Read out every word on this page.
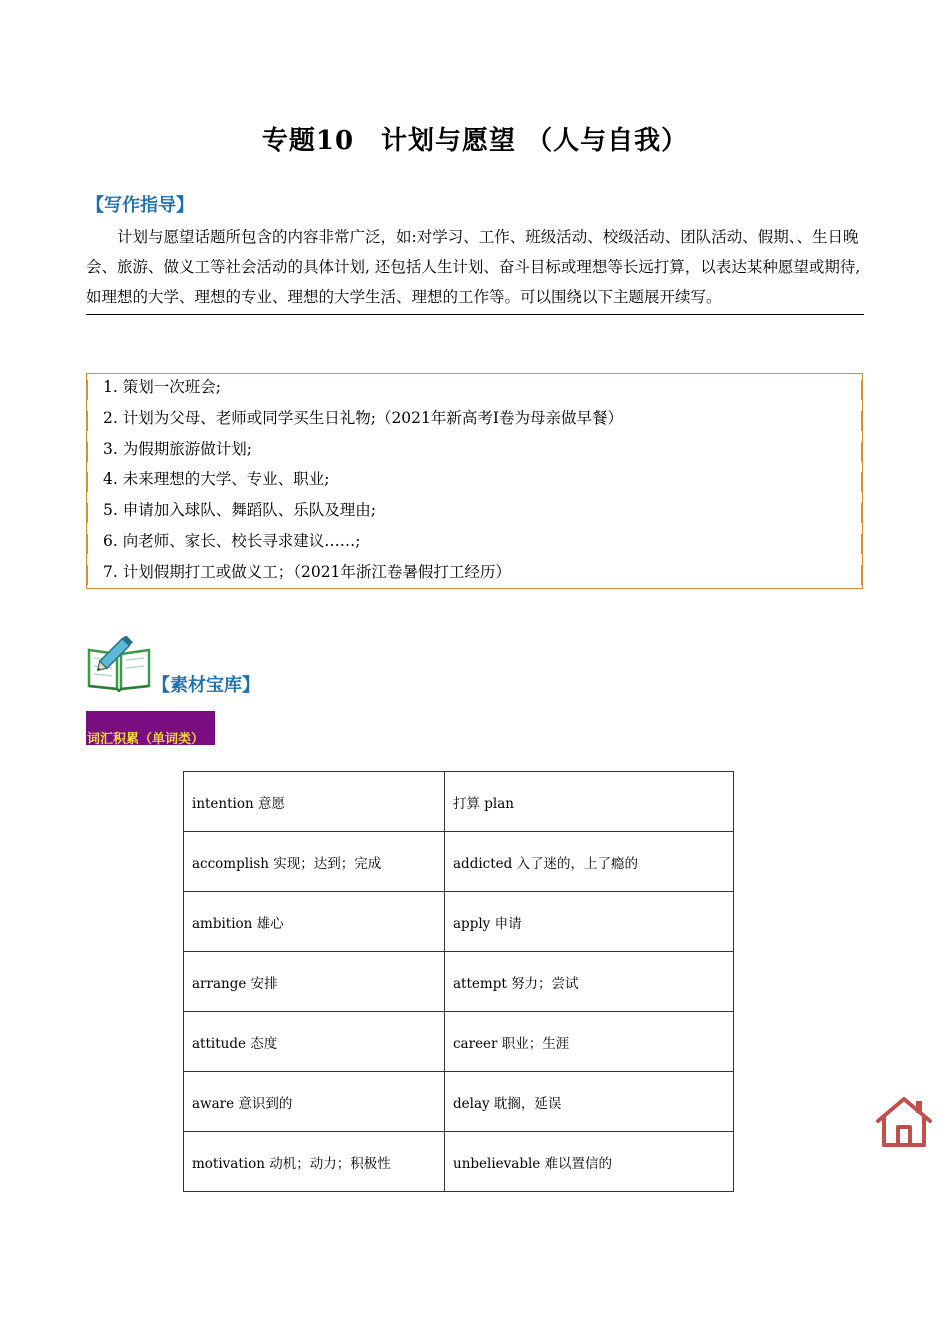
专题10　计划与愿望 （人与自我）
【写作指导】
计划与愿望话题所包含的内容非常广泛，如:对学习、工作、班级活动、校级活动、团队活动、假期、、生日晚会、旅游、做义工等社会活动的具体计划, 还包括人生计划、奋斗目标或理想等长远打算，以表达某种愿望或期待, 如理想的大学、理想的专业、理想的大学生活、理想的工作等。可以围绕以下主题展开续写。
1. 策划一次班会;
2. 计划为父母、老师或同学买生日礼物;（2021年新高考I卷为母亲做早餐）
3. 为假期旅游做计划;
4. 未来理想的大学、专业、职业;
5. 申请加入球队、舞蹈队、乐队及理由;
6. 向老师、家长、校长寻求建议……;
7. 计划假期打工或做义工；（2021年浙江卷暑假打工经历）
【素材宝库】
词汇积累（单词类）
intention 意愿	打算 plan
accomplish 实现；达到；完成	addicted 入了迷的，上了瘾的
ambition 雄心	apply 申请
arrange 安排	attempt 努力；尝试
attitude 态度	career 职业；生涯
aware 意识到的	delay 耽搁，延误
motivation 动机；动力；积极性	unbelievable 难以置信的
